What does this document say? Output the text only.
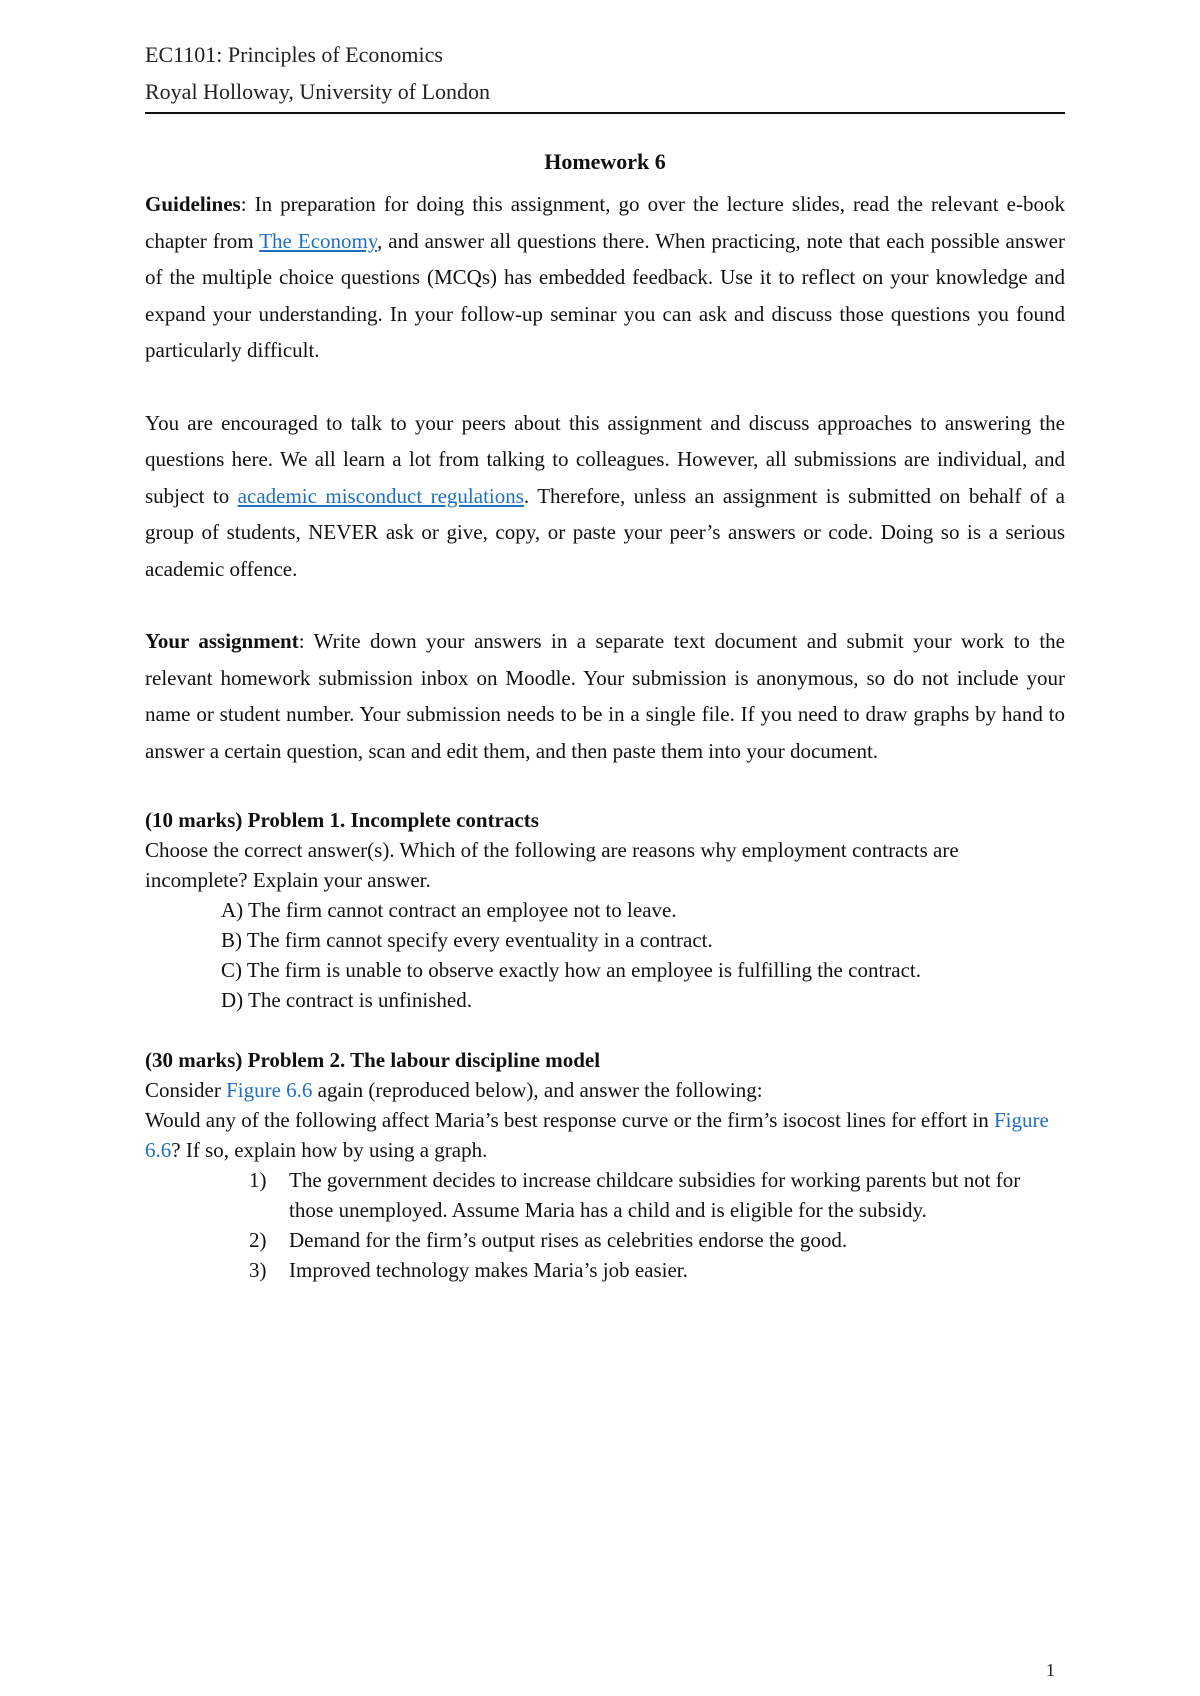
EC1101: Principles of Economics
Royal Holloway, University of London
Homework 6

Guidelines: In preparation for doing this assignment, go over the lecture slides, read the relevant e-book chapter from The Economy, and answer all questions there. When practicing, note that each possible answer of the multiple choice questions (MCQs) has embedded feedback. Use it to reflect on your knowledge and expand your understanding. In your follow-up seminar you can ask and discuss those questions you found particularly difficult.

You are encouraged to talk to your peers about this assignment and discuss approaches to answering the questions here. We all learn a lot from talking to colleagues. However, all submissions are individual, and subject to academic misconduct regulations. Therefore, unless an assignment is submitted on behalf of a group of students, NEVER ask or give, copy, or paste your peer’s answers or code. Doing so is a serious academic offence.

Your assignment: Write down your answers in a separate text document and submit your work to the relevant homework submission inbox on Moodle. Your submission is anonymous, so do not include your name or student number. Your submission needs to be in a single file. If you need to draw graphs by hand to answer a certain question, scan and edit them, and then paste them into your document.

(10 marks) Problem 1. Incomplete contracts
Choose the correct answer(s). Which of the following are reasons why employment contracts are incomplete? Explain your answer.
A) The firm cannot contract an employee not to leave.
B) The firm cannot specify every eventuality in a contract.
C) The firm is unable to observe exactly how an employee is fulfilling the contract.
D) The contract is unfinished.
(30 marks) Problem 2. The labour discipline model
Consider Figure 6.6 again (reproduced below), and answer the following:
Would any of the following affect Maria’s best response curve or the firm’s isocost lines for effort in Figure 6.6? If so, explain how by using a graph.
1) The government decides to increase childcare subsidies for working parents but not for those unemployed. Assume Maria has a child and is eligible for the subsidy.
2) Demand for the firm’s output rises as celebrities endorse the good.
3) Improved technology makes Maria’s job easier.
1
